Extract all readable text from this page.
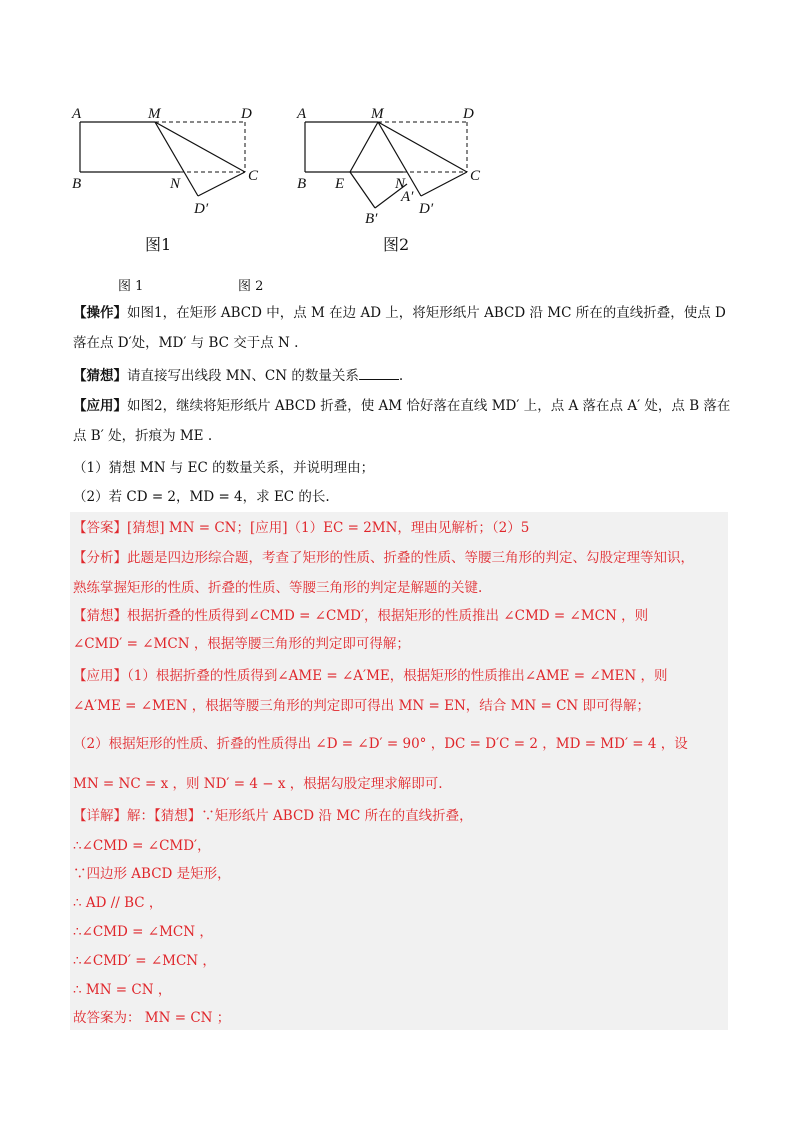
A	M	D
B	N	C
D′
图1
A	M	D
B E	N	C
A′
D′
B′
图2
图 1	图 2
【操作】如图1，在矩形 ABCD 中，点 M 在边 AD 上，将矩形纸片 ABCD 沿 MC 所在的直线折叠，使点 D
落在点 D′处，MD′ 与 BC 交于点 N .
【猜想】请直接写出线段 MN、CN 的数量关系	.
【应用】如图2，继续将矩形纸片 ABCD 折叠，使 AM 恰好落在直线 MD′ 上，点 A 落在点 A′ 处，点 B 落在
点 B′ 处，折痕为 ME .
（1）猜想 MN 与 EC 的数量关系，并说明理由；
（2）若 CD = 2，MD = 4，求 EC 的长.
【答案】[猜想] MN = CN；[应用]（1）EC = 2MN，理由见解析；（2）5
【分析】此题是四边形综合题，考查了矩形的性质、折叠的性质、等腰三角形的判定、勾股定理等知识，
熟练掌握矩形的性质、折叠的性质、等腰三角形的判定是解题的关键.
【猜想】根据折叠的性质得到∠CMD = ∠CMD′，根据矩形的性质推出 ∠CMD = ∠MCN ，则
∠CMD′ = ∠MCN ，根据等腰三角形的判定即可得解；
【应用】（1）根据折叠的性质得到∠AME = ∠A′ME，根据矩形的性质推出∠AME = ∠MEN ，则
∠A′ME = ∠MEN ，根据等腰三角形的判定即可得出 MN = EN，结合 MN = CN 即可得解；
（2）根据矩形的性质、折叠的性质得出 ∠D = ∠D′ = 90° ，DC = D′C = 2 ，MD = MD′ = 4 ，设
MN = NC = x ，则 ND′ = 4 − x ，根据勾股定理求解即可.
【详解】解：【猜想】∵矩形纸片 ABCD 沿 MC 所在的直线折叠，
∴∠CMD = ∠CMD′，
∵四边形 ABCD 是矩形，
∴ AD // BC ，
∴∠CMD = ∠MCN ，
∴∠CMD′ = ∠MCN ，
∴ MN = CN ，
故答案为： MN = CN ；
